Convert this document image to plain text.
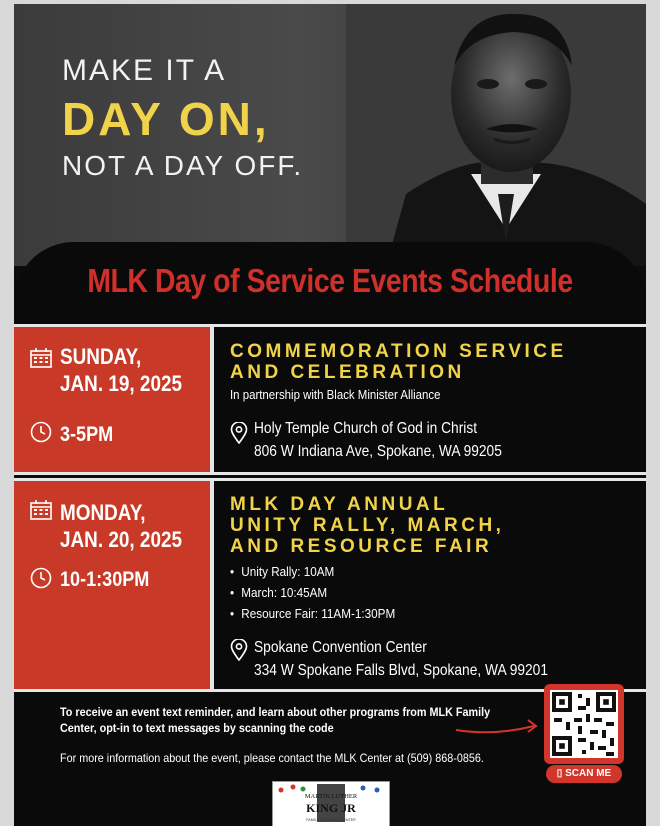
MAKE IT A
DAY ON,
NOT A DAY OFF.
MLK Day of Service Events Schedule
SUNDAY,
JAN. 19, 2025
3-5PM
COMMEMORATION SERVICE
AND CELEBRATION
In partnership with Black Minister Alliance
Holy Temple Church of God in Christ
806 W Indiana Ave, Spokane, WA 99205
MONDAY,
JAN. 20, 2025
10-1:30PM
MLK DAY ANNUAL
UNITY RALLY, MARCH,
AND RESOURCE FAIR
• Unity Rally: 10AM
• March: 10:45AM
• Resource Fair: 11AM-1:30PM
Spokane Convention Center
334 W Spokane Falls Blvd, Spokane, WA 99201
To receive an event text reminder, and learn about other programs from MLK Family
Center, opt-in to text messages by scanning the code
For more information about the event, please contact the MLK Center at (509) 868-0856.
▯ SCAN ME
MARTIN LUTHER
KING JR
FAMILY OUTREACH CENTER
